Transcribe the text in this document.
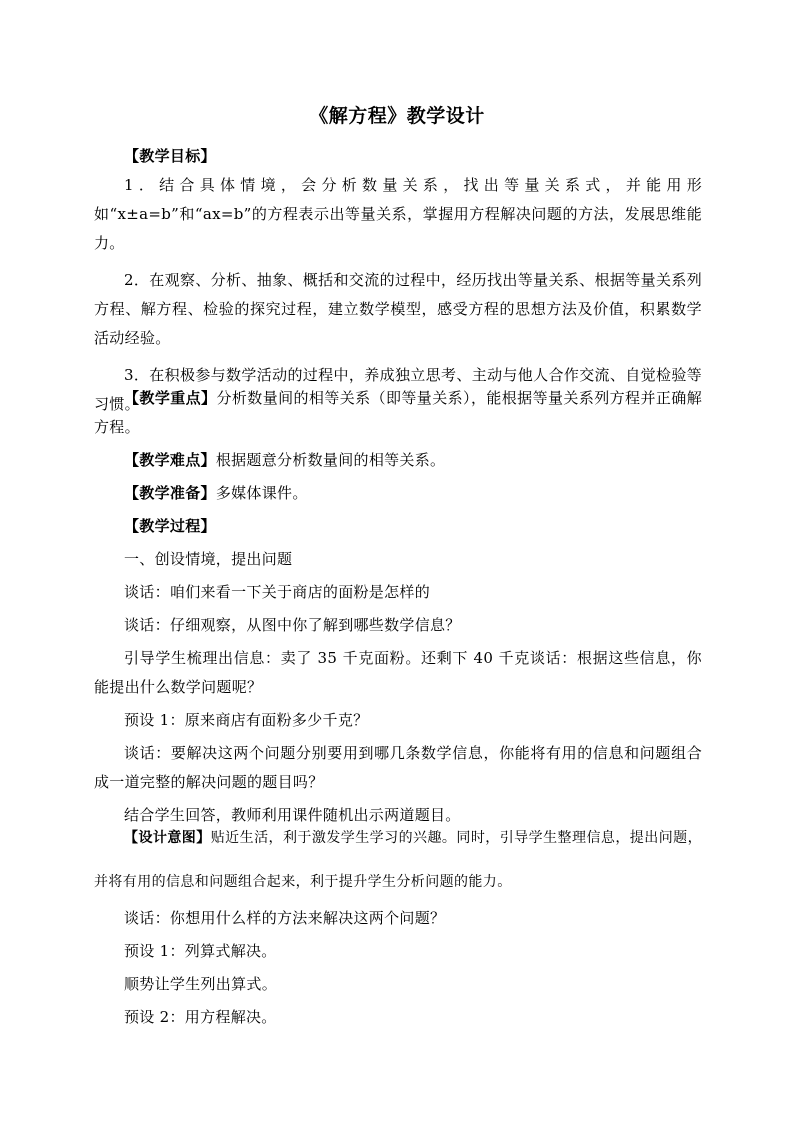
《解方程》教学设计
【教学目标】
1．结合具体情境，会分析数量关系，找出等量关系式，并能用形如“x±a=b”和“ax=b”的方程表示出等量关系，掌握用方程解决问题的方法，发展思维能力。
2．在观察、分析、抽象、概括和交流的过程中，经历找出等量关系、根据等量关系列方程、解方程、检验的探究过程，建立数学模型，感受方程的思想方法及价值，积累数学活动经验。
3．在积极参与数学活动的过程中，养成独立思考、主动与他人合作交流、自觉检验等习惯。
【教学重点】分析数量间的相等关系（即等量关系），能根据等量关系列方程并正确解方程。
【教学难点】根据题意分析数量间的相等关系。
【教学准备】多媒体课件。
【教学过程】
一、创设情境，提出问题
谈话：咱们来看一下关于商店的面粉是怎样的
谈话：仔细观察，从图中你了解到哪些数学信息？
引导学生梳理出信息：卖了 35 千克面粉。还剩下 40 千克谈话：根据这些信息，你能提出什么数学问题呢？
预设 1：原来商店有面粉多少千克？
谈话：要解决这两个问题分别要用到哪几条数学信息，你能将有用的信息和问题组合成一道完整的解决问题的题目吗？
结合学生回答，教师利用课件随机出示两道题目。
【设计意图】贴近生活，利于激发学生学习的兴趣。同时，引导学生整理信息，提出问题，并将有用的信息和问题组合起来，利于提升学生分析问题的能力。
谈话：你想用什么样的方法来解决这两个问题？
预设 1：列算式解决。
顺势让学生列出算式。
预设 2：用方程解决。
